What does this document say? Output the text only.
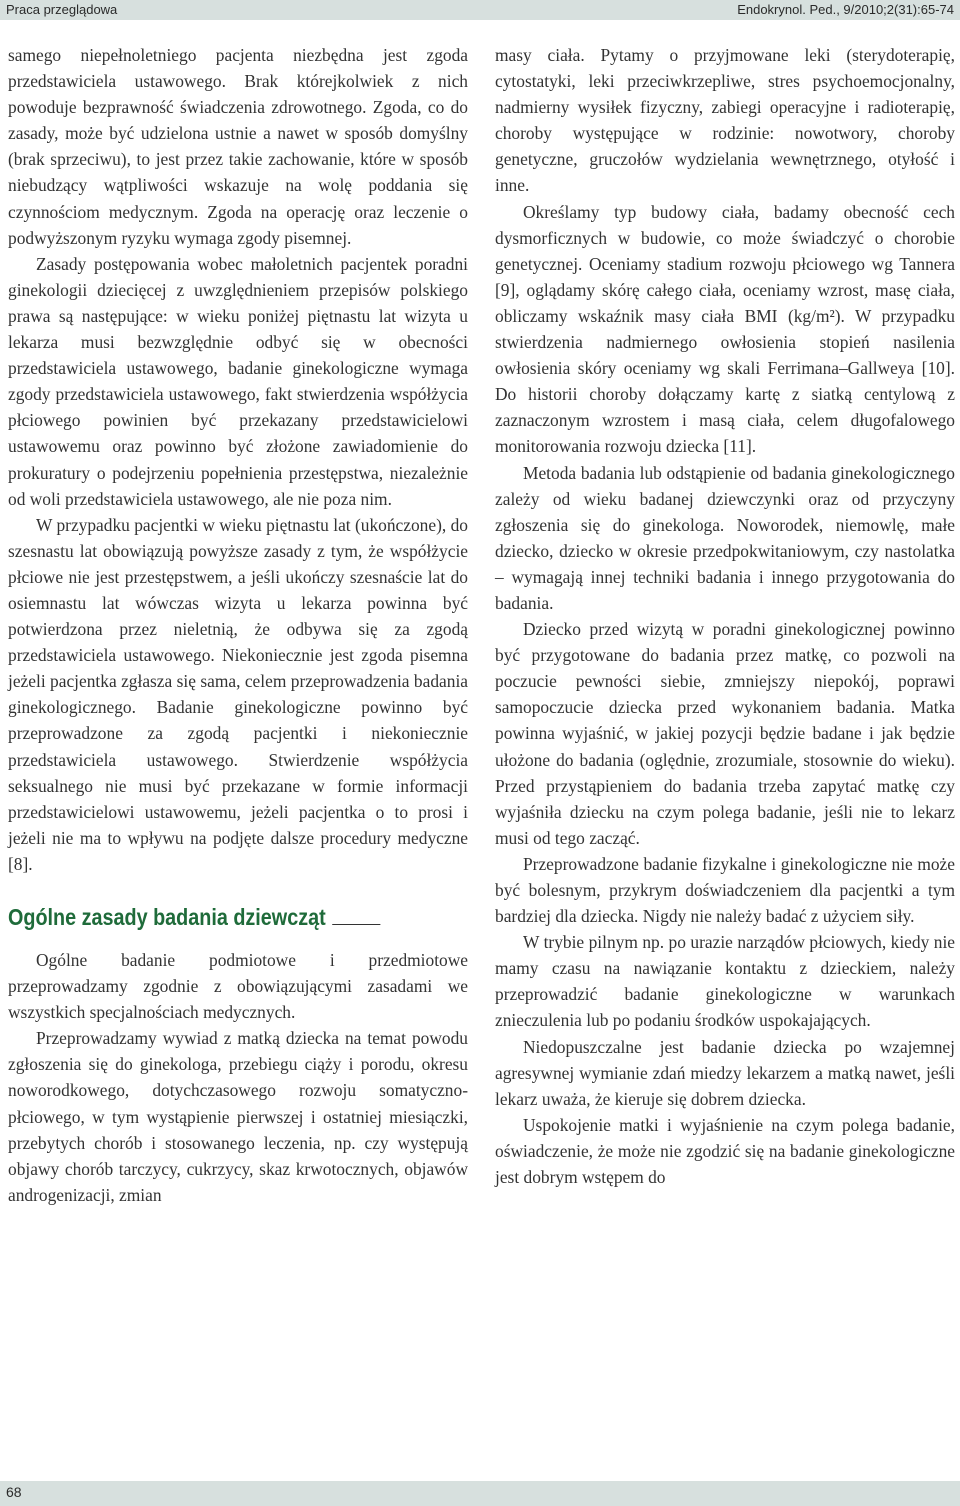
Praca przeglądowa	Endokrynol. Ped., 9/2010;2(31):65-74

samego niepełnoletniego pacjenta niezbędna jest zgoda przedstawiciela ustawowego. Brak którejkolwiek z nich powoduje bezprawność świadczenia zdrowotnego. Zgoda, co do zasady, może być udzielona ustnie a nawet w sposób domyślny (brak sprzeciwu), to jest przez takie zachowanie, które w sposób niebudzący wątpliwości wskazuje na wolę poddania się czynnościom medycznym. Zgoda na operację oraz leczenie o podwyższonym ryzyku wymaga zgody pisemnej.

Zasady postępowania wobec małoletnich pacjentek poradni ginekologii dziecięcej z uwzględnieniem przepisów polskiego prawa są następujące: w wieku poniżej piętnastu lat wizyta u lekarza musi bezwzględnie odbyć się w obecności przedstawiciela ustawowego, badanie ginekologiczne wymaga zgody przedstawiciela ustawowego, fakt stwierdzenia współżycia płciowego powinien być przekazany przedstawicielowi ustawowemu oraz powinno być złożone zawiadomienie do prokuratury o podejrzeniu popełnienia przestępstwa, niezależnie od woli przedstawiciela ustawowego, ale nie poza nim.

W przypadku pacjentki w wieku piętnastu lat (ukończone), do szesnastu lat obowiązują powyższe zasady z tym, że współżycie płciowe nie jest przestępstwem, a jeśli ukończy szesnaście lat do osiemnastu lat wówczas wizyta u lekarza powinna być potwierdzona przez nieletnią, że odbywa się za zgodą przedstawiciela ustawowego. Niekoniecznie jest zgoda pisemna jeżeli pacjentka zgłasza się sama, celem przeprowadzenia badania ginekologicznego. Badanie ginekologiczne powinno być przeprowadzone za zgodą pacjentki i niekoniecznie przedstawiciela ustawowego. Stwierdzenie współżycia seksualnego nie musi być przekazane w formie informacji przedstawicielowi ustawowemu, jeżeli pacjentka o to prosi i jeżeli nie ma to wpływu na podjęte dalsze procedury medyczne [8].

Ogólne zasady badania dziewcząt

Ogólne badanie podmiotowe i przedmiotowe przeprowadzamy zgodnie z obowiązującymi zasadami we wszystkich specjalnościach medycznych.

Przeprowadzamy wywiad z matką dziecka na temat powodu zgłoszenia się do ginekologa, przebiegu ciąży i porodu, okresu noworodkowego, dotychczasowego rozwoju somatyczno-płciowego, w tym wystąpienie pierwszej i ostatniej miesiączki, przebytych chorób i stosowanego leczenia, np. czy występują objawy chorób tarczycy, cukrzycy, skaz krwotocznych, objawów androgenizacji, zmian

masy ciała. Pytamy o przyjmowane leki (sterydoterapię, cytostatyki, leki przeciwkrzepliwe, stres psychoemocjonalny, nadmierny wysiłek fizyczny, zabiegi operacyjne i radioterapię, choroby występujące w rodzinie: nowotwory, choroby genetyczne, gruczołów wydzielania wewnętrznego, otyłość i inne.

Określamy typ budowy ciała, badamy obecność cech dysmorficznych w budowie, co może świadczyć o chorobie genetycznej. Oceniamy stadium rozwoju płciowego wg Tannera [9], oglądamy skórę całego ciała, oceniamy wzrost, masę ciała, obliczamy wskaźnik masy ciała BMI (kg/m²). W przypadku stwierdzenia nadmiernego owłosienia stopień nasilenia owłosienia skóry oceniamy wg skali Ferrimana–Gallweya [10]. Do historii choroby dołączamy kartę z siatką centylową z zaznaczonym wzrostem i masą ciała, celem długofalowego monitorowania rozwoju dziecka [11].

Metoda badania lub odstąpienie od badania ginekologicznego zależy od wieku badanej dziewczynki oraz od przyczyny zgłoszenia się do ginekologa. Noworodek, niemowlę, małe dziecko, dziecko w okresie przedpokwitaniowym, czy nastolatka – wymagają innej techniki badania i innego przygotowania do badania.

Dziecko przed wizytą w poradni ginekologicznej powinno być przygotowane do badania przez matkę, co pozwoli na poczucie pewności siebie, zmniejszy niepokój, poprawi samopoczucie dziecka przed wykonaniem badania. Matka powinna wyjaśnić, w jakiej pozycji będzie badane i jak będzie ułożone do badania (oględnie, zrozumiale, stosownie do wieku). Przed przystąpieniem do badania trzeba zapytać matkę czy wyjaśniła dziecku na czym polega badanie, jeśli nie to lekarz musi od tego zacząć.

Przeprowadzone badanie fizykalne i ginekologiczne nie może być bolesnym, przykrym doświadczeniem dla pacjentki a tym bardziej dla dziecka. Nigdy nie należy badać z użyciem siły.

W trybie pilnym np. po urazie narządów płciowych, kiedy nie mamy czasu na nawiązanie kontaktu z dzieckiem, należy przeprowadzić badanie ginekologiczne w warunkach znieczulenia lub po podaniu środków uspokajających.

Niedopuszczalne jest badanie dziecka po wzajemnej agresywnej wymianie zdań miedzy lekarzem a matką nawet, jeśli lekarz uważa, że kieruje się dobrem dziecka.

Uspokojenie matki i wyjaśnienie na czym polega badanie, oświadczenie, że może nie zgodzić się na badanie ginekologiczne jest dobrym wstępem do

68
